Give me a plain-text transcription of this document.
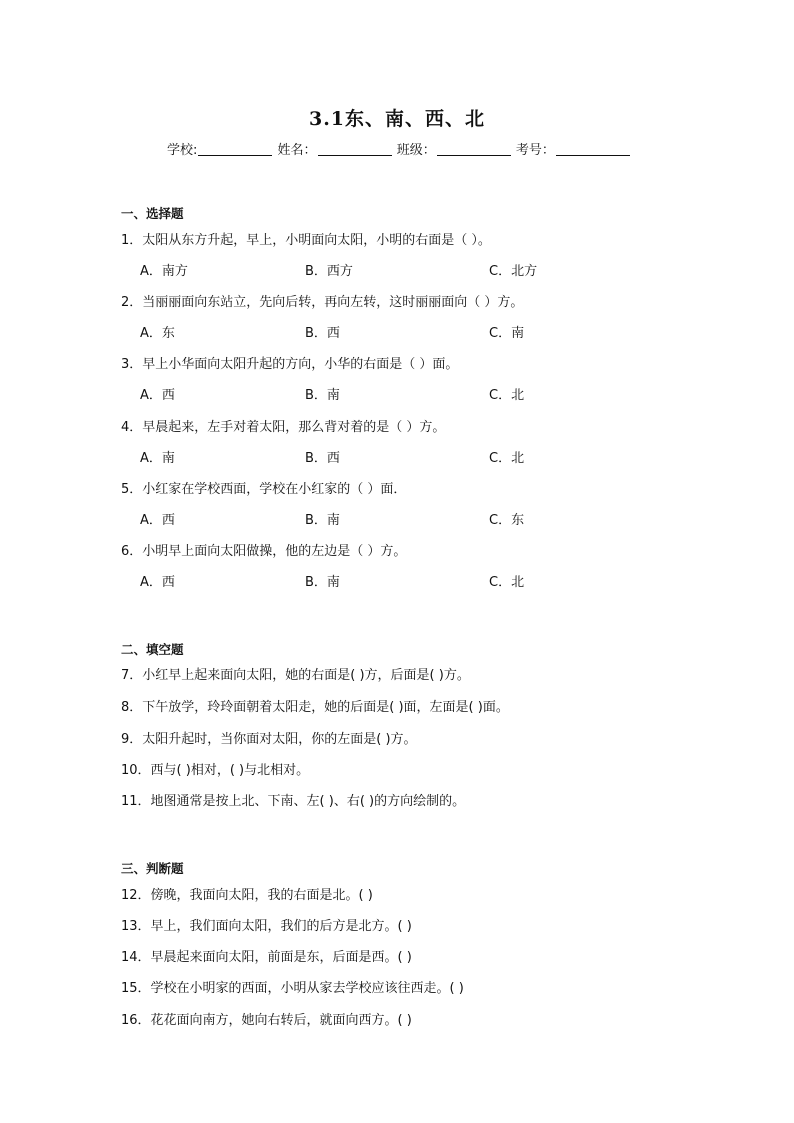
3.1东、南、西、北
学校:	姓名：	班级：	考号：
一、选择题
1．太阳从东方升起，早上，小明面向太阳，小明的右面是（ ）。
A．南方	B．西方	C．北方
2．当丽丽面向东站立，先向后转，再向左转，这时丽丽面向（ ）方。
A．东	B．西	C．南
3．早上小华面向太阳升起的方向，小华的右面是（ ）面。
A．西	B．南	C．北
4．早晨起来，左手对着太阳，那么背对着的是（ ）方。
A．南	B．西	C．北
5．小红家在学校西面，学校在小红家的（ ）面．
A．西	B．南	C．东
6．小明早上面向太阳做操，他的左边是（ ）方。
A．西	B．南	C．北
二、填空题
7．小红早上起来面向太阳，她的右面是( )方，后面是( )方。
8．下午放学，玲玲面朝着太阳走，她的后面是( )面，左面是( )面。
9．太阳升起时，当你面对太阳，你的左面是( )方。
10．西与( )相对，( )与北相对。
11．地图通常是按上北、下南、左( )、右( )的方向绘制的。
三、判断题
12．傍晚，我面向太阳，我的右面是北。( )
13．早上，我们面向太阳，我们的后方是北方。( )
14．早晨起来面向太阳，前面是东，后面是西。( )
15．学校在小明家的西面，小明从家去学校应该往西走。( )
16．花花面向南方，她向右转后，就面向西方。( )
